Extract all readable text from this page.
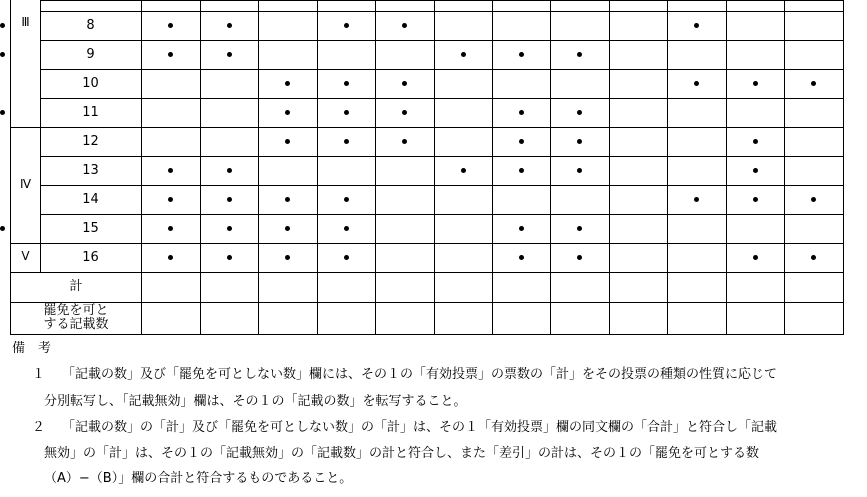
8
9
10
11
12
13
14
15
16
Ⅲ
Ⅳ
Ⅴ
計
罷免を可と
する記載数
備　考
１ 「記載の数」及び「罷免を可としない数」欄には、その１の「有効投票」の票数の「計」をその投票の種類の性質に応じて
分別転写し、「記載無効」欄は、その１の「記載の数」を転写すること。
２ 「記載の数」の「計」及び「罷免を可としない数」の「計」は、その１「有効投票」欄の同文欄の「合計」と符合し「記載
無効」の「計」は、その１の「記載無効」の「記載数」の計と符合し、また「差引」の計は、その１の「罷免を可とする数
（A）−（B）」欄の合計と符合するものであること。
